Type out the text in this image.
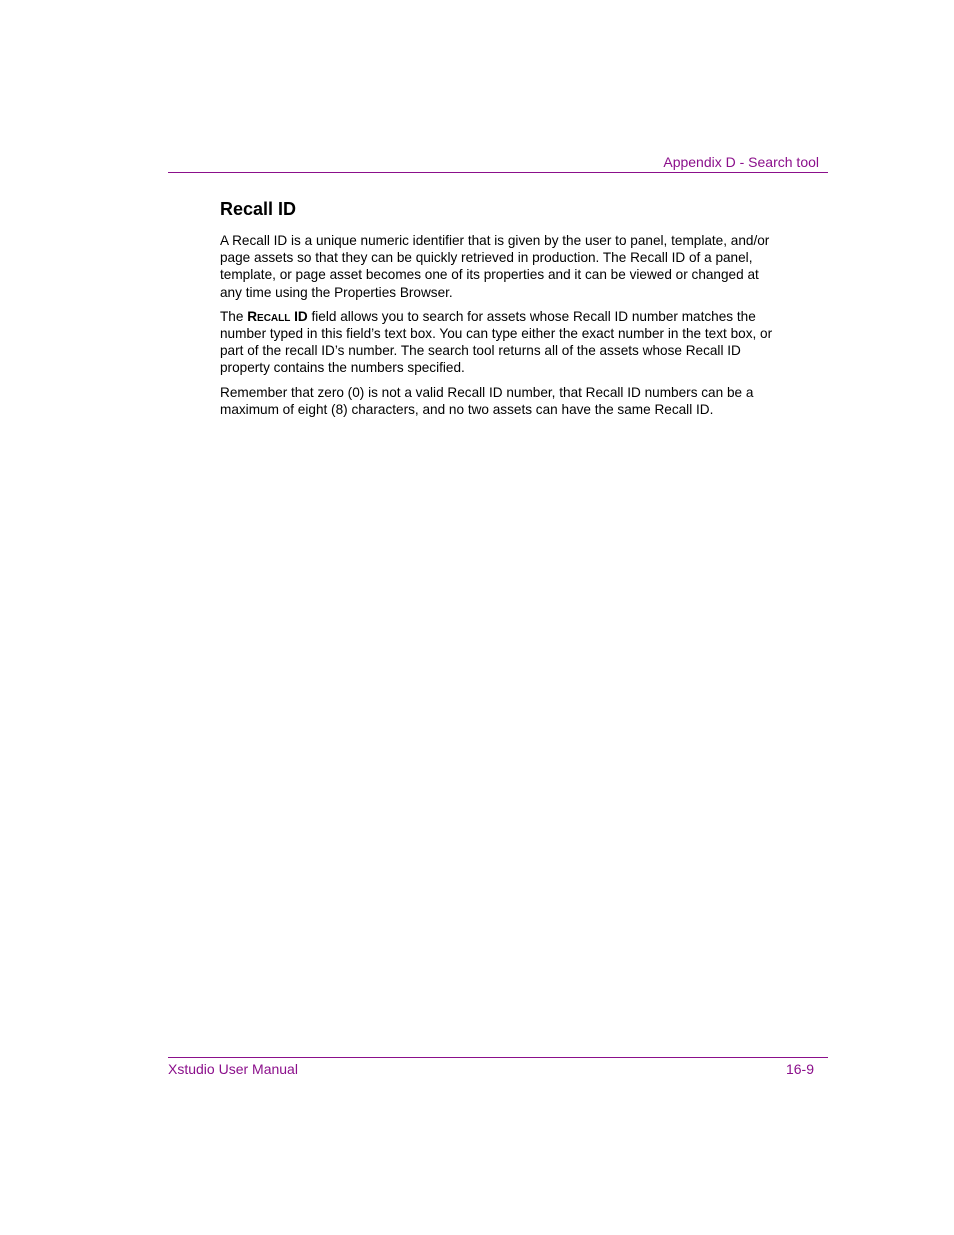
Appendix D - Search tool
Recall ID

A Recall ID is a unique numeric identifier that is given by the user to panel, template, and/or page assets so that they can be quickly retrieved in production. The Recall ID of a panel, template, or page asset becomes one of its properties and it can be viewed or changed at any time using the Properties Browser.

The Recall ID field allows you to search for assets whose Recall ID number matches the number typed in this field’s text box. You can type either the exact number in the text box, or part of the recall ID’s number. The search tool returns all of the assets whose Recall ID property contains the numbers specified.

Remember that zero (0) is not a valid Recall ID number, that Recall ID numbers can be a maximum of eight (8) characters, and no two assets can have the same Recall ID.

Xstudio User Manual	16-9
